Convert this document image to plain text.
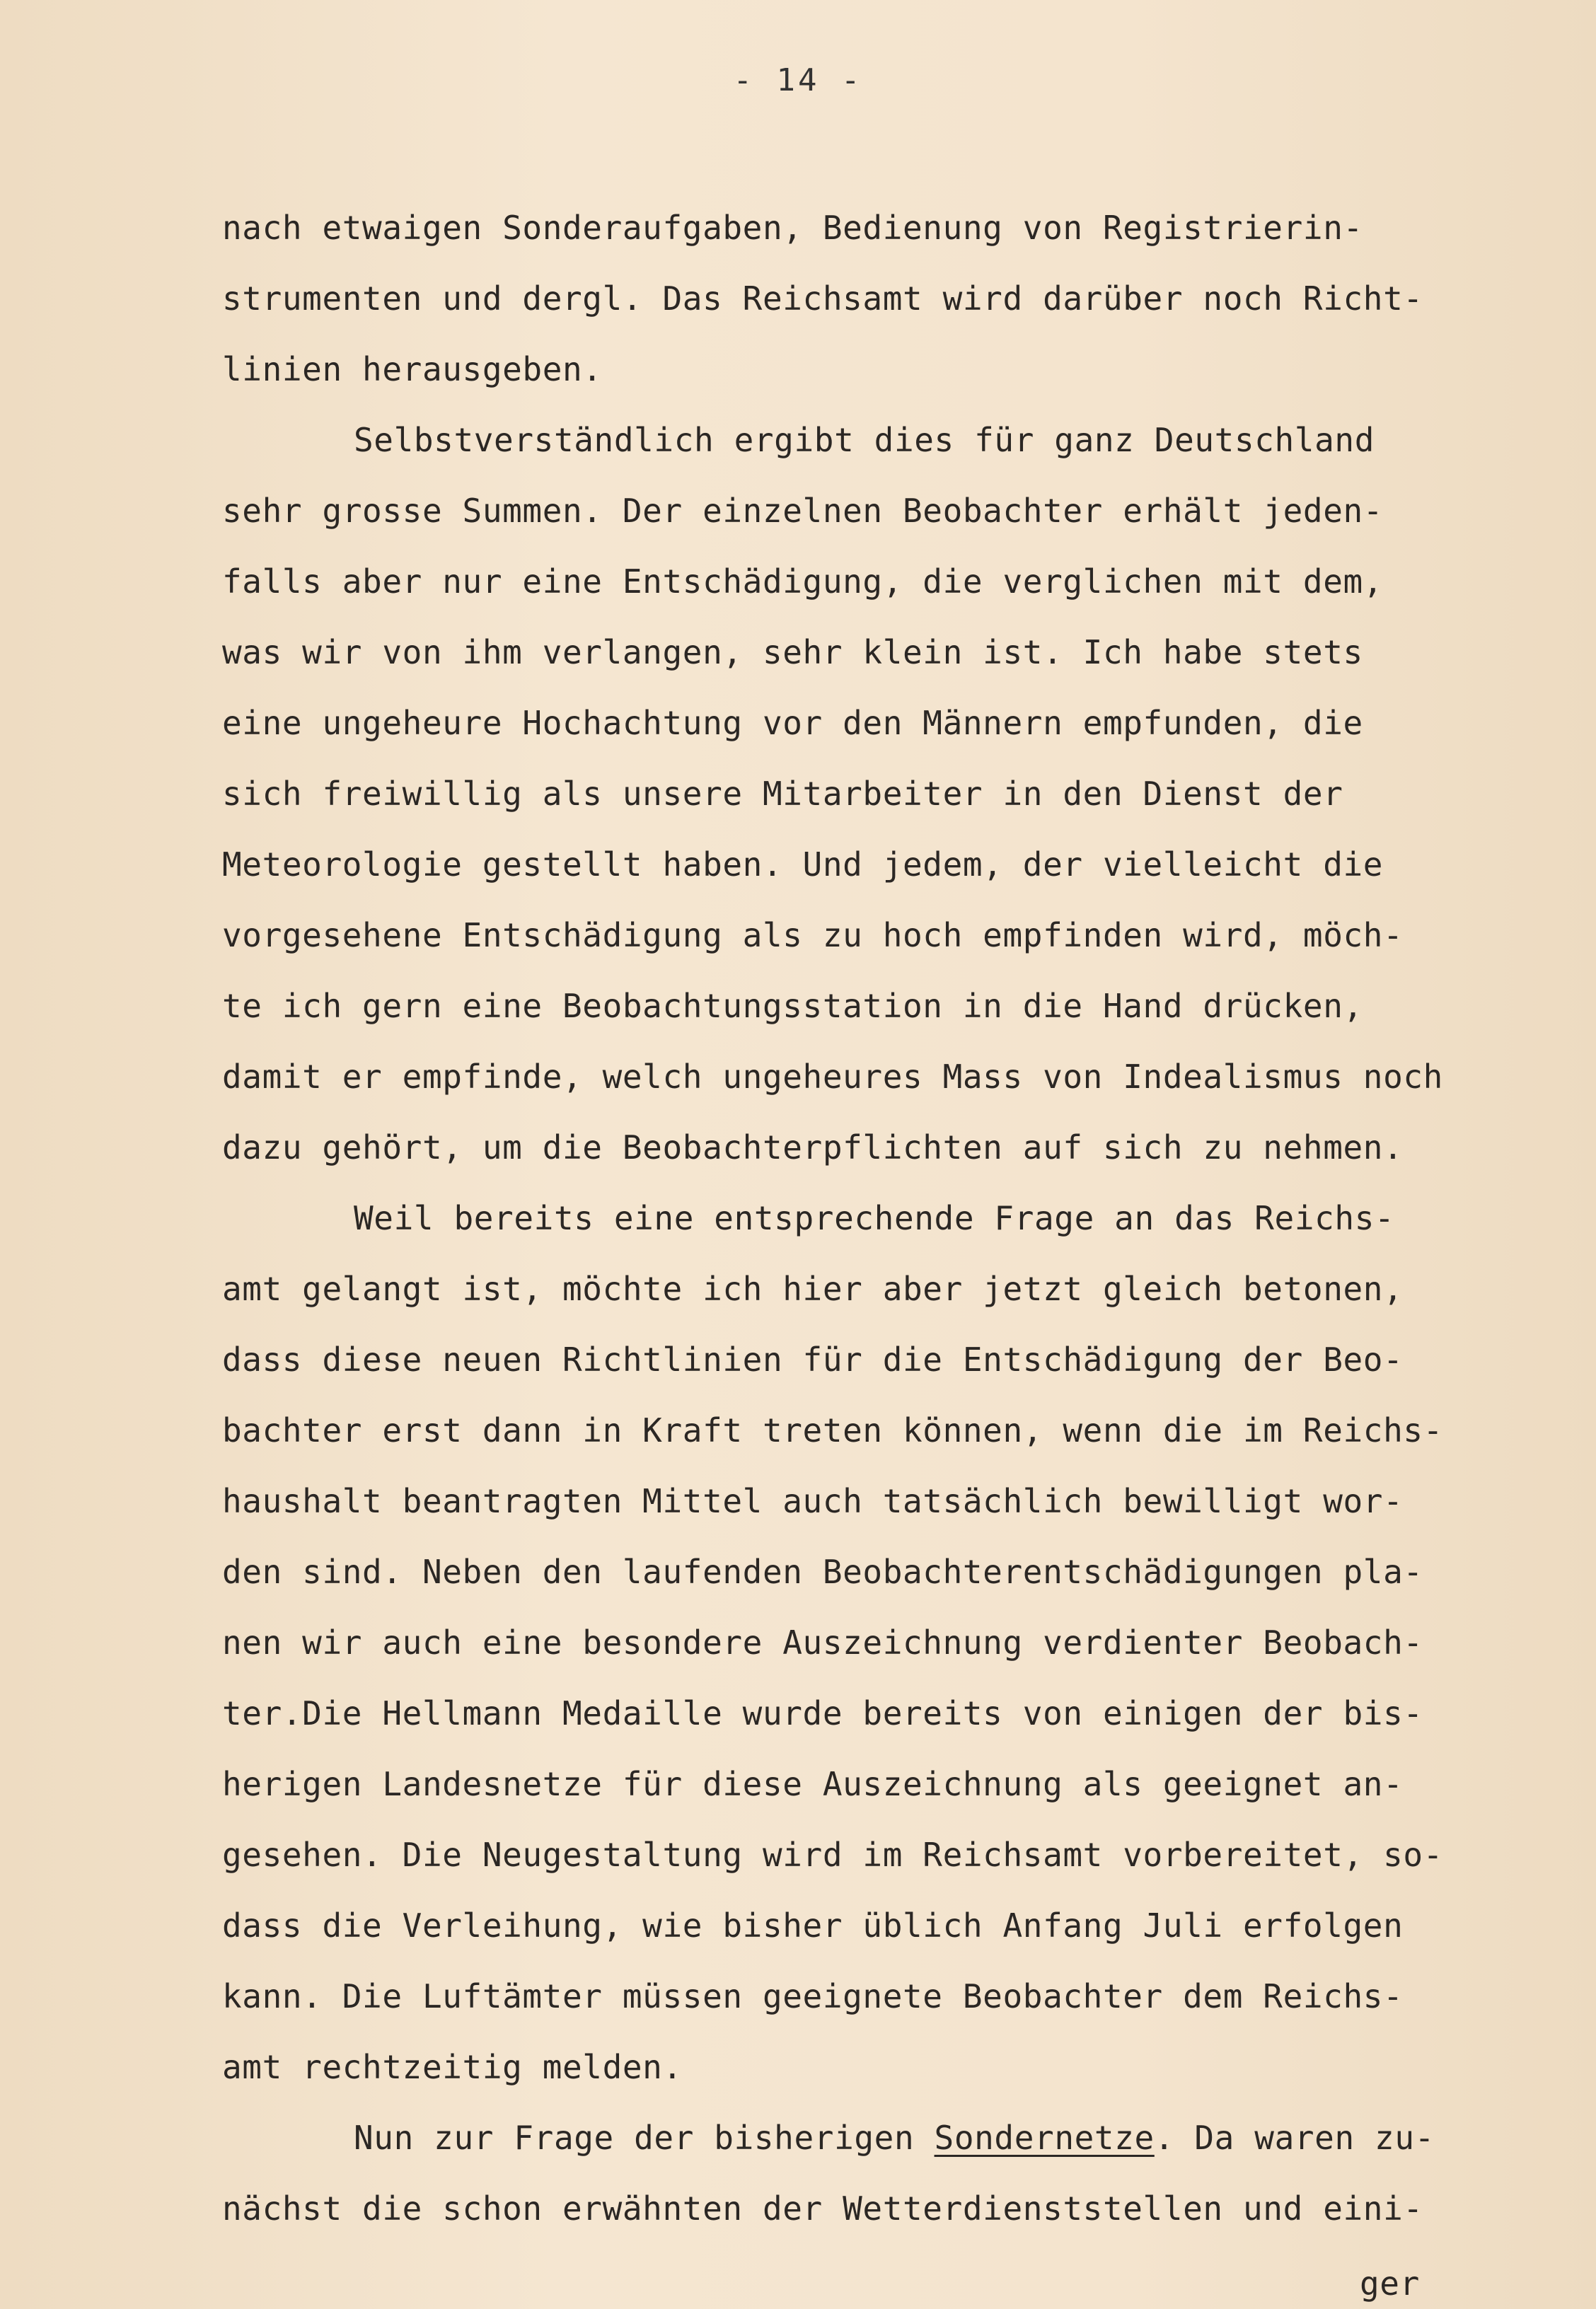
- 14 -
nach etwaigen Sonderaufgaben, Bedienung von Registrierin-
strumenten und dergl. Das Reichsamt wird darüber noch Richt-
linien herausgeben.
Selbstverständlich ergibt dies für ganz Deutschland
sehr grosse Summen. Der einzelnen Beobachter erhält jeden-
falls aber nur eine Entschädigung, die verglichen mit dem,
was wir von ihm verlangen, sehr klein ist. Ich habe stets
eine ungeheure Hochachtung vor den Männern empfunden, die
sich freiwillig als unsere Mitarbeiter in den Dienst der
Meteorologie gestellt haben. Und jedem, der vielleicht die
vorgesehene Entschädigung als zu hoch empfinden wird, möch-
te ich gern eine Beobachtungsstation in die Hand drücken,
damit er empfinde, welch ungeheures Mass von Indealismus noch
dazu gehört, um die Beobachterpflichten auf sich zu nehmen.
Weil bereits eine entsprechende Frage an das Reichs-
amt gelangt ist, möchte ich hier aber jetzt gleich betonen,
dass diese neuen Richtlinien für die Entschädigung der Beo-
bachter erst dann in Kraft treten können, wenn die im Reichs-
haushalt beantragten Mittel auch tatsächlich bewilligt wor-
den sind. Neben den laufenden Beobachterentschädigungen pla-
nen wir auch eine besondere Auszeichnung verdienter Beobach-
ter.Die Hellmann Medaille wurde bereits von einigen der bis-
herigen Landesnetze für diese Auszeichnung als geeignet an-
gesehen. Die Neugestaltung wird im Reichsamt vorbereitet, so-
dass die Verleihung, wie bisher üblich Anfang Juli erfolgen
kann. Die Luftämter müssen geeignete Beobachter dem Reichs-
amt rechtzeitig melden.
Nun zur Frage der bisherigen Sondernetze. Da waren zu-
nächst die schon erwähnten der Wetterdienststellen und eini-
ger
